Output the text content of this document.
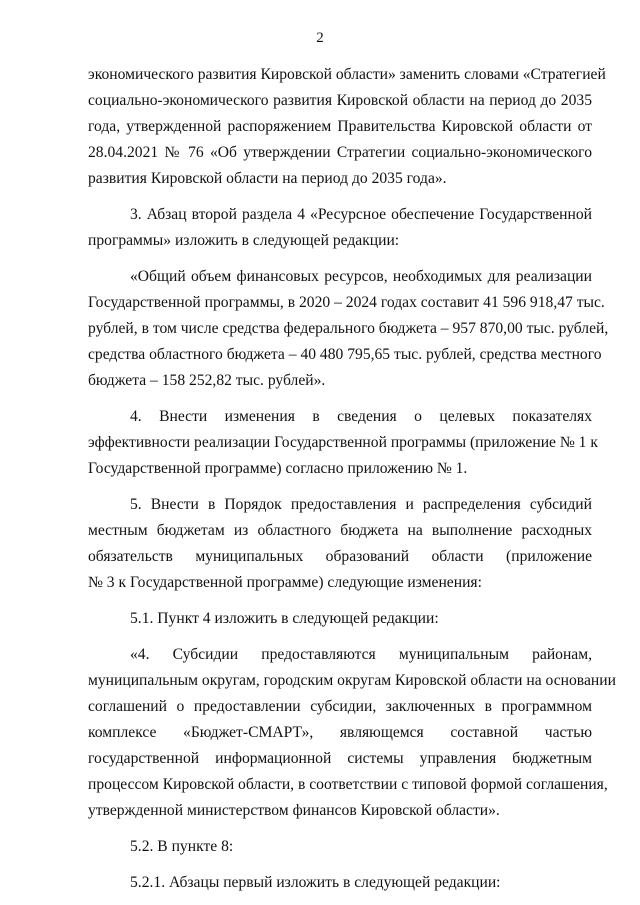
2
экономического развития Кировской области» заменить словами «Стратегией
социально-экономического развития Кировской области на период до 2035
года, утвержденной распоряжением Правительства Кировской области от
28.04.2021 № 76 «Об утверждении Стратегии социально-экономического
развития Кировской области на период до 2035 года».
3. Абзац второй раздела 4 «Ресурсное обеспечение Государственной
программы» изложить в следующей редакции:
«Общий объем финансовых ресурсов, необходимых для реализации
Государственной программы, в 2020 – 2024 годах составит 41 596 918,47 тыс.
рублей, в том числе средства федерального бюджета – 957 870,00 тыс. рублей,
средства областного бюджета – 40 480 795,65 тыс. рублей, средства местного
бюджета – 158 252,82 тыс. рублей».
4. Внести изменения в сведения о целевых показателях
эффективности реализации Государственной программы (приложение № 1 к
Государственной программе) согласно приложению № 1.
5. Внести в Порядок предоставления и распределения субсидий
местным бюджетам из областного бюджета на выполнение расходных
обязательств муниципальных образований области (приложение
№ 3 к Государственной программе) следующие изменения:
5.1. Пункт 4 изложить в следующей редакции:
«4. Субсидии предоставляются муниципальным районам,
муниципальным округам, городским округам Кировской области на основании
соглашений о предоставлении субсидии, заключенных в программном
комплексе «Бюджет-СМАРТ», являющемся составной частью
государственной информационной системы управления бюджетным
процессом Кировской области, в соответствии с типовой формой соглашения,
утвержденной министерством финансов Кировской области».
5.2. В пункте 8:
5.2.1. Абзацы первый изложить в следующей редакции:
